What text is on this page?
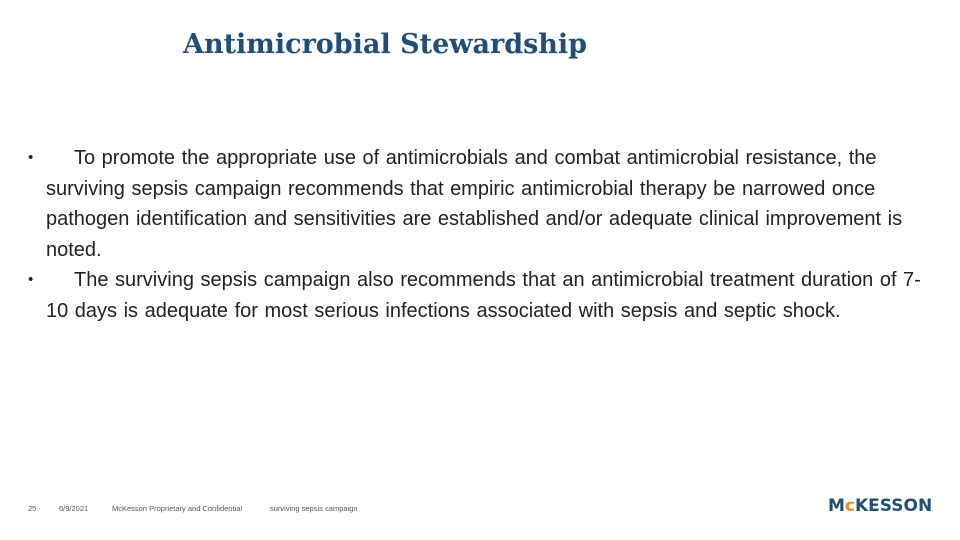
Antimicrobial Stewardship
• To promote the appropriate use of antimicrobials and combat antimicrobial resistance, the surviving sepsis campaign recommends that empiric antimicrobial therapy be narrowed once pathogen identification and sensitivities are established and/or adequate clinical improvement is noted.
• The surviving sepsis campaign also recommends that an antimicrobial treatment duration of 7-10 days is adequate for most serious infections associated with sepsis and septic shock.
25	6/9/2021	McKesson Proprietary and Confidential	surviving sepsis campaign	McKESSON
